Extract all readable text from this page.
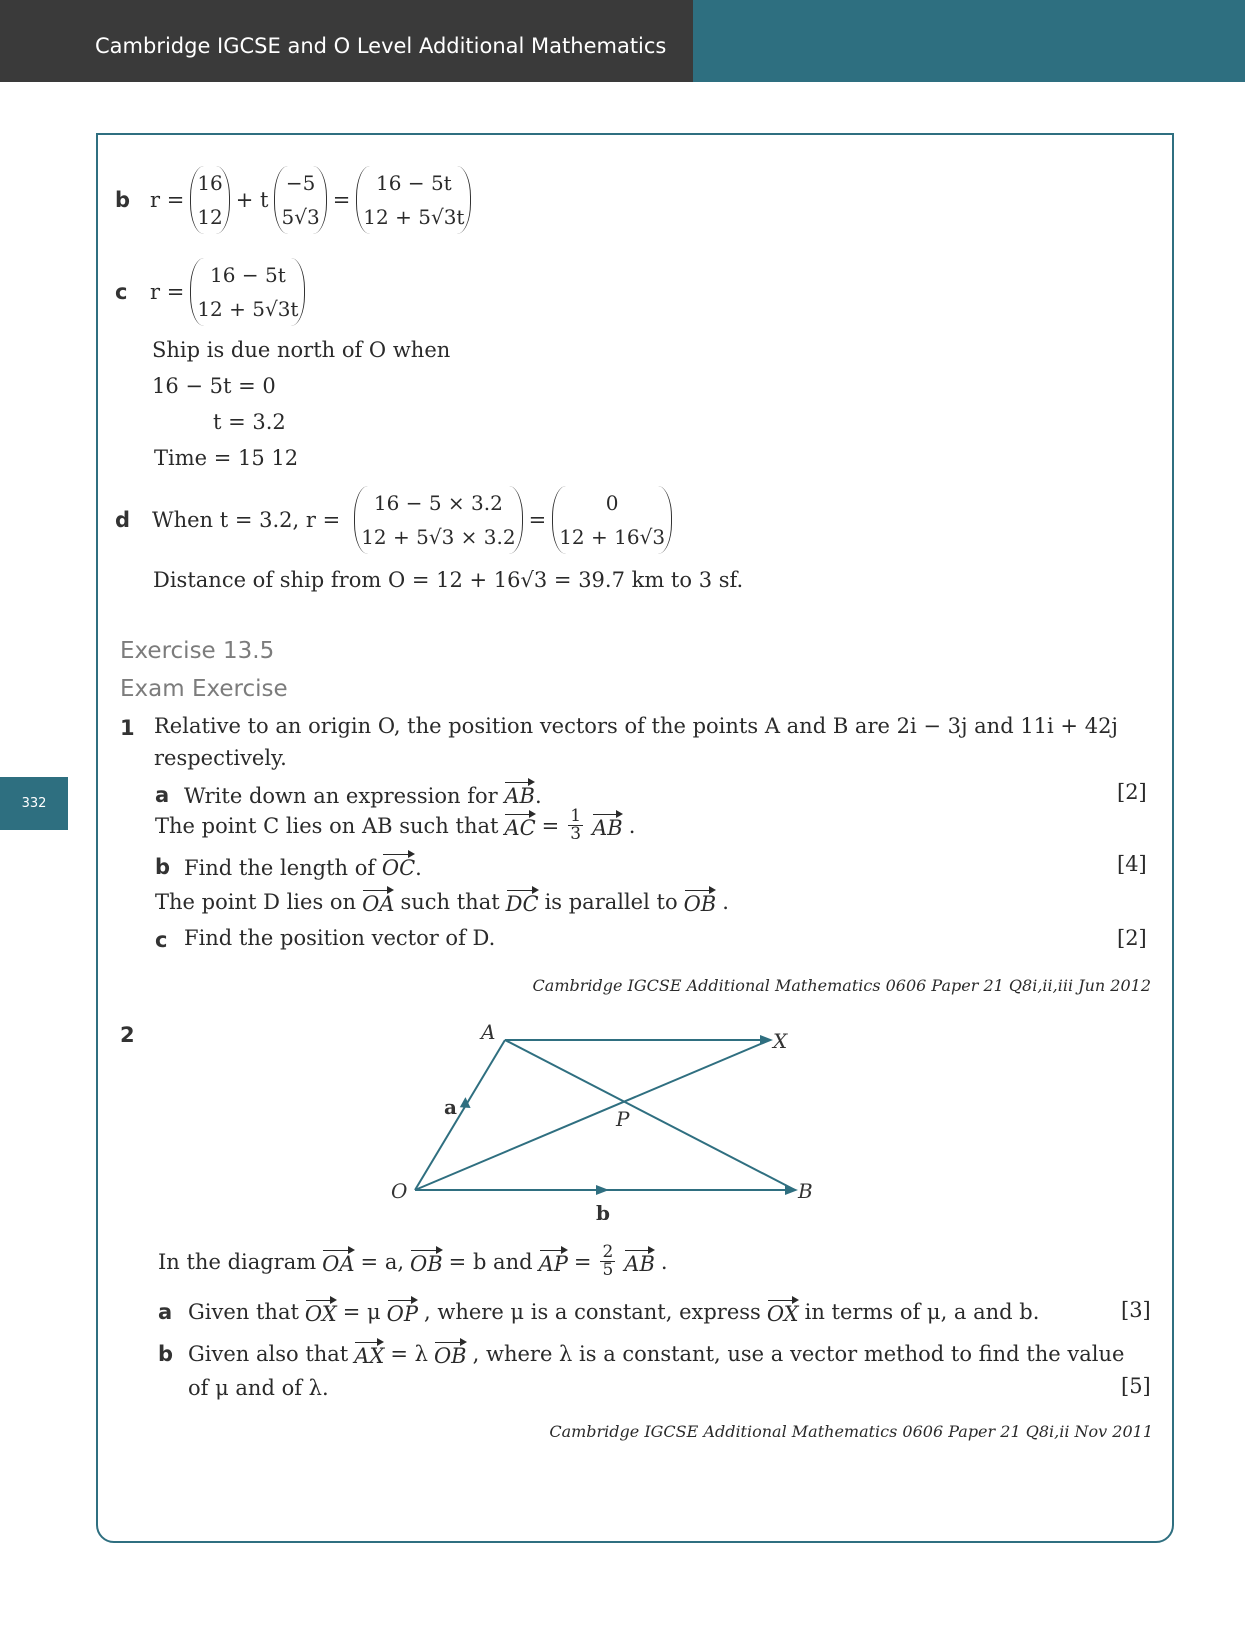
Cambridge IGCSE and O Level Additional Mathematics
332
b r =
16
12
+ t
−5
5√3
=
16 − 5t
12 + 5√3t
c r =
16 − 5t
12 + 5√3t
Ship is due north of O when
16 − 5t = 0
t = 3.2
Time = 15 12
d When t = 3.2, r =
16 − 5 × 3.2
12 + 5√3 × 3.2
=
0
12 + 16√3
Distance of ship from O = 12 + 16√3 = 39.7 km to 3 sf.
Exercise 13.5
Exam Exercise
1 Relative to an origin O, the position vectors of the points A and B are 2i − 3j and 11i + 42j
respectively.
a Write down an expression for AB.	[2]
The point C lies on AB such that AC = $\frac{1}{3}$ AB .
b Find the length of OC.	[4]
The point D lies on OA such that DC is parallel to OB .
c Find the position vector of D.	[2]
Cambridge IGCSE Additional Mathematics 0606 Paper 21 Q8i,ii,iii Jun 2012
2	A	X
O	B
P
a
b
In the diagram OA = a, OB = b and AP = $\frac{2}{5}$ AB .
a Given that OX = μ OP , where μ is a constant, express OX in terms of μ, a and b.	[3]
b Given also that AX = λ OB , where λ is a constant, use a vector method to find the value
of μ and of λ.	[5]
Cambridge IGCSE Additional Mathematics 0606 Paper 21 Q8i,ii Nov 2011
